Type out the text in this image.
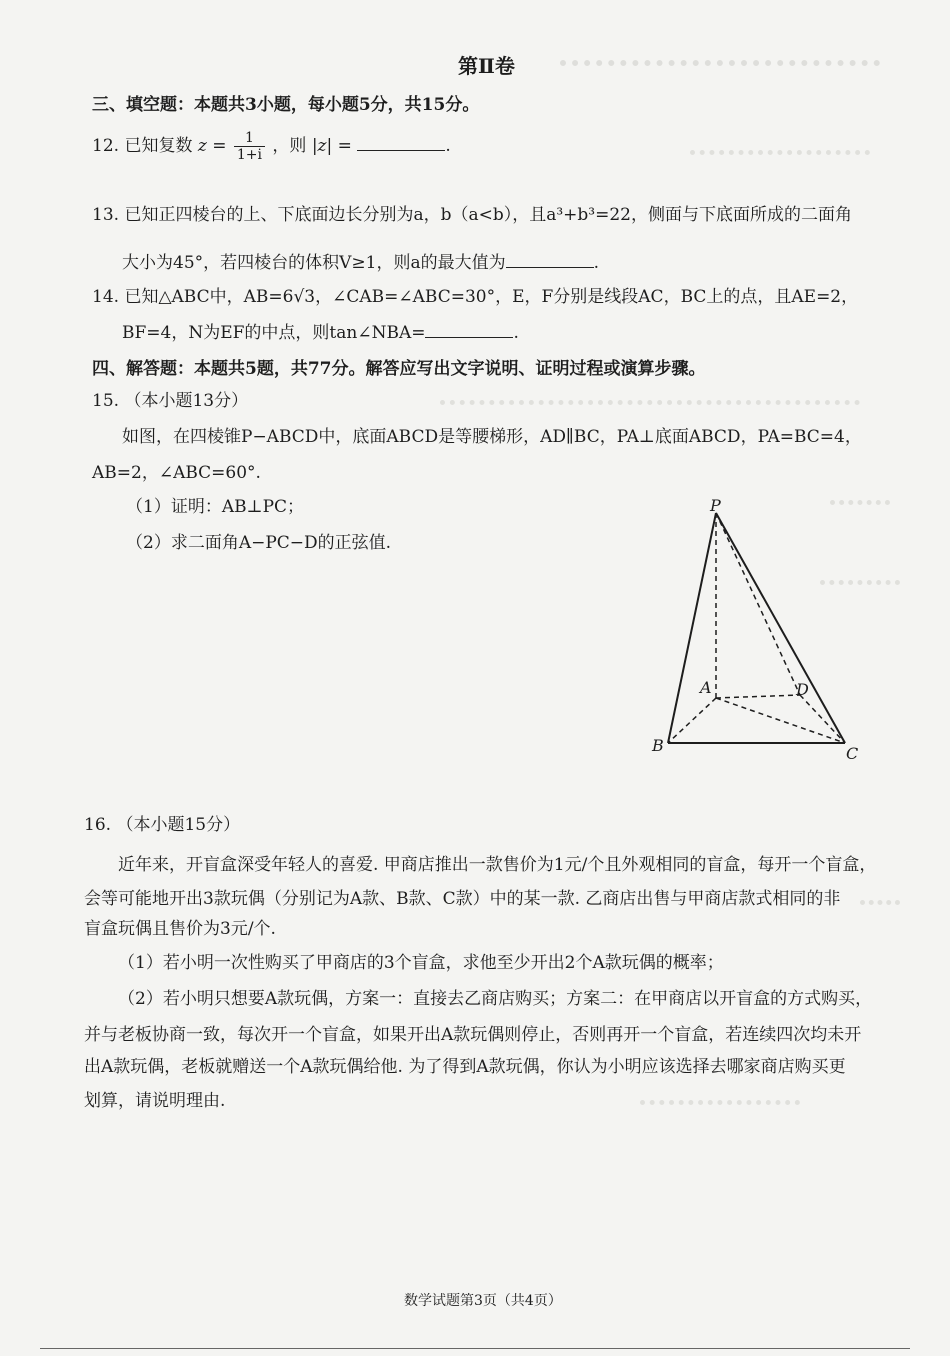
第Ⅱ卷
三、填空题：本题共3小题，每小题5分，共15分。
12. 已知复数 $z = \frac{1}{1+i}$ ，则 |z| =	.
13. 已知正四棱台的上、下底面边长分别为a，b（a<b），且a³+b³=22，侧面与下底面所成的二面角
大小为45°，若四棱台的体积V≥1，则a的最大值为	.
14. 已知△ABC中，AB=6√3，∠CAB=∠ABC=30°，E，F分别是线段AC，BC上的点，且AE=2，
BF=4，N为EF的中点，则tan∠NBA=	.
四、解答题：本题共5题，共77分。解答应写出文字说明、证明过程或演算步骤。
15. （本小题13分）
如图，在四棱锥P−ABCD中，底面ABCD是等腰梯形，AD∥BC，PA⊥底面ABCD，PA=BC=4，
AB=2，∠ABC=60°.
（1）证明：AB⊥PC；
（2）求二面角A−PC−D的正弦值.
P
A	D
B	C
16. （本小题15分）
近年来，开盲盒深受年轻人的喜爱. 甲商店推出一款售价为1元/个且外观相同的盲盒，每开一个盲盒，
会等可能地开出3款玩偶（分别记为A款、B款、C款）中的某一款. 乙商店出售与甲商店款式相同的非
盲盒玩偶且售价为3元/个.
（1）若小明一次性购买了甲商店的3个盲盒，求他至少开出2个A款玩偶的概率；
（2）若小明只想要A款玩偶，方案一：直接去乙商店购买；方案二：在甲商店以开盲盒的方式购买，
并与老板协商一致，每次开一个盲盒，如果开出A款玩偶则停止，否则再开一个盲盒，若连续四次均未开
出A款玩偶，老板就赠送一个A款玩偶给他. 为了得到A款玩偶，你认为小明应该选择去哪家商店购买更
划算，请说明理由.
数学试题第3页（共4页）
